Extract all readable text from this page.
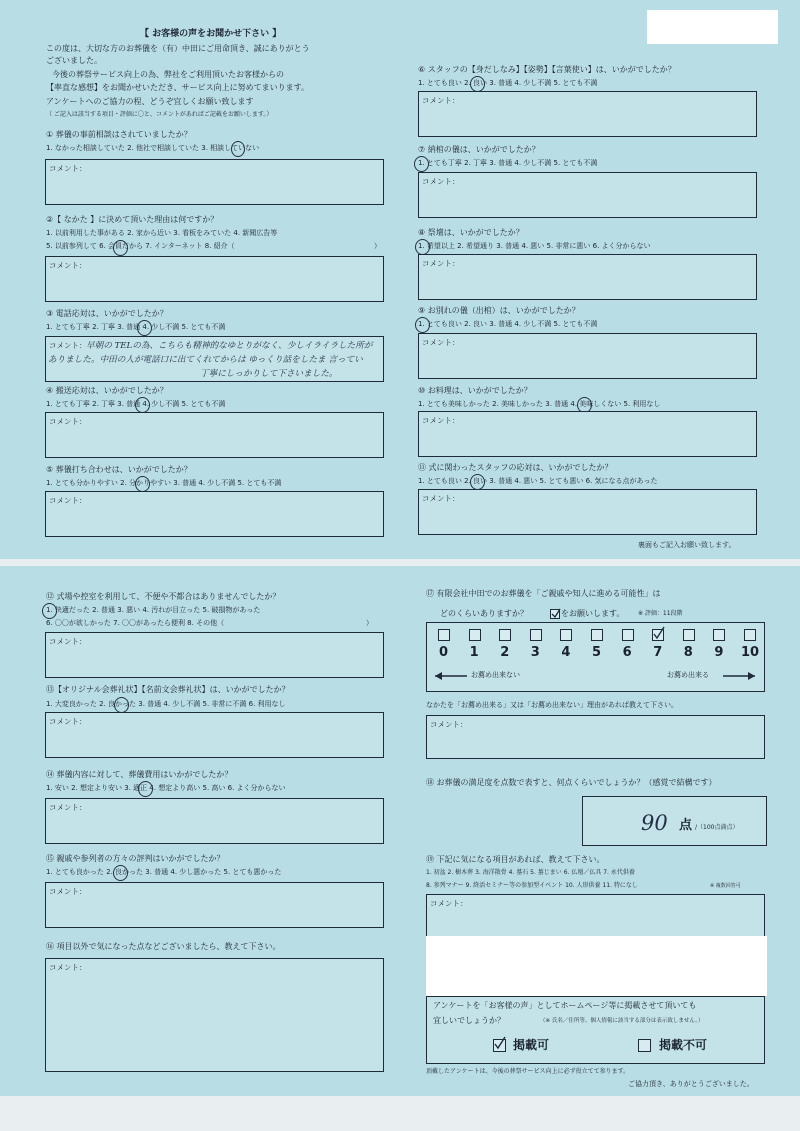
【 お客様の声をお聞かせ下さい 】
この度は、大切な方のお葬儀を（有）中田にご用命頂き、誠にありがとう
ございました。
今後の葬祭サービス向上の為、弊社をご利用頂いたお客様からの
【率直な感想】をお聞かせいただき、サービス向上に努めてまいります。
アンケートへのご協力の程、どうぞ宜しくお願い致します
（ ご記入は該当する項目・評価に〇と、コメントがあればご記載をお願いします。）
① 葬儀の事前相談はされていましたか？
1. なかった相談していた 2. 他社で相談していた 3. 相談していない
コメント：
②【 なかた 】に決めて頂いた理由は何ですか？
1. 以前利用した事がある 2. 家から近い 3. 看板をみていた 4. 新聞広告等
5. 以前参列して 6. 会員だから 7. インターネット 8. 紹介（	）
コメント：
③ 電話応対は、いかがでしたか？
1. とても丁寧 2. 丁寧 3. 普通 4. 少し不満 5. とても不満
コメント： 早朝の TELの為、こちらも精神的なゆとりがなく、少しイライラした所が
ありました。中田の人が電話口に出てくれてからは ゆっくり話をしたま 言ってい
丁寧にしっかりして下さいました。
④ 搬送応対は、いかがでしたか？
1. とても丁寧 2. 丁寧 3. 普通 4. 少し不満 5. とても不満
コメント：
⑤ 葬儀打ち合わせは、いかがでしたか？
1. とても分かりやすい 2. 分かりやすい 3. 普通 4. 少し不満 5. とても不満
コメント：
⑥ スタッフの【身だしなみ】【姿勢】【言葉使い】は、いかがでしたか？
1. とても良い 2. 良い 3. 普通 4. 少し不満 5. とても不満
コメント：
⑦ 納棺の儀は、いかがでしたか？
1. とても丁寧 2. 丁寧 3. 普通 4. 少し不満 5. とても不満
コメント：
⑧ 祭壇は、いかがでしたか？
1. 希望以上 2. 希望通り 3. 普通 4. 悪い 5. 非常に悪い 6. よく分からない
コメント：
⑨ お別れの儀（出棺）は、いかがでしたか？
1. とても良い 2. 良い 3. 普通 4. 少し不満 5. とても不満
コメント：
⑩ お料理は、いかがでしたか？
1. とても美味しかった 2. 美味しかった 3. 普通 4. 美味しくない 5. 利用なし
コメント：
⑪ 式に関わったスタッフの応対は、いかがでしたか？
1. とても良い 2. 良い 3. 普通 4. 悪い 5. とても悪い 6. 気になる点があった
コメント：
裏面もご記入お願い致します。
⑫ 式場や控室を利用して、不便や不都合はありませんでしたか？
1. 快適だった 2. 普通 3. 悪い 4. 汚れが目立った 5. 破損物があった
6. 〇〇が欲しかった 7. 〇〇があったら便利 8. その他（	）
コメント：
⑬【オリジナル会葬礼状】【名前文会葬礼状】は、いかがでしたか？
1. 大変良かった 2. 良かった 3. 普通 4. 少し不満 5. 非常に不満 6. 利用なし
コメント：
⑭ 葬儀内容に対して、葬儀費用はいかがでしたか？
1. 安い 2. 想定より安い 3. 適正 4. 想定より高い 5. 高い 6. よく分からない
コメント：
⑮ 親戚や参列者の方々の評判はいかがでしたか？
1. とても良かった 2. 良かった 3. 普通 4. 少し悪かった 5. とても悪かった
コメント：
⑯ 項目以外で気になった点などございましたら、教えて下さい。
コメント：
⑰ 有限会社中田でのお葬儀を「ご親戚や知人に進める可能性」は
どのくらいありますか？	をお願いします。 ※ 評価：11段階
0 1 2 3 4 5 6 7 8 9 10
お薦め出来ない	お薦め出来る
なかたを「お薦め出来る」又は「お薦め出来ない」理由があれば教えて下さい。
コメント：
⑱ お葬儀の満足度を点数で表すと、何点くらいでしょうか？（感覚で結構です）
90 点 /（100点満点）
⑲ 下記に気になる項目があれば、教えて下さい。
1. 初盆 2. 樹木葬 3. 海洋散骨 4. 墓石 5. 墓じまい 6. 仏壇／仏具 7. 永代供養
8. 参列マナー 9. 終活セミナー等の参加型イベント 10. 人形供養 11. 特になし	※ 複数回答可
コメント：
アンケートを「お客様の声」としてホームページ等に掲載させて頂いても
宜しいでしょうか？	（※ 氏名／住所等、個人情報に該当する部分は表示致しません。）
掲載可	掲載不可
頂戴したアンケートは、今後の葬祭サービス向上に必ず役立てて参ります。
ご協力頂き、ありがとうございました。
